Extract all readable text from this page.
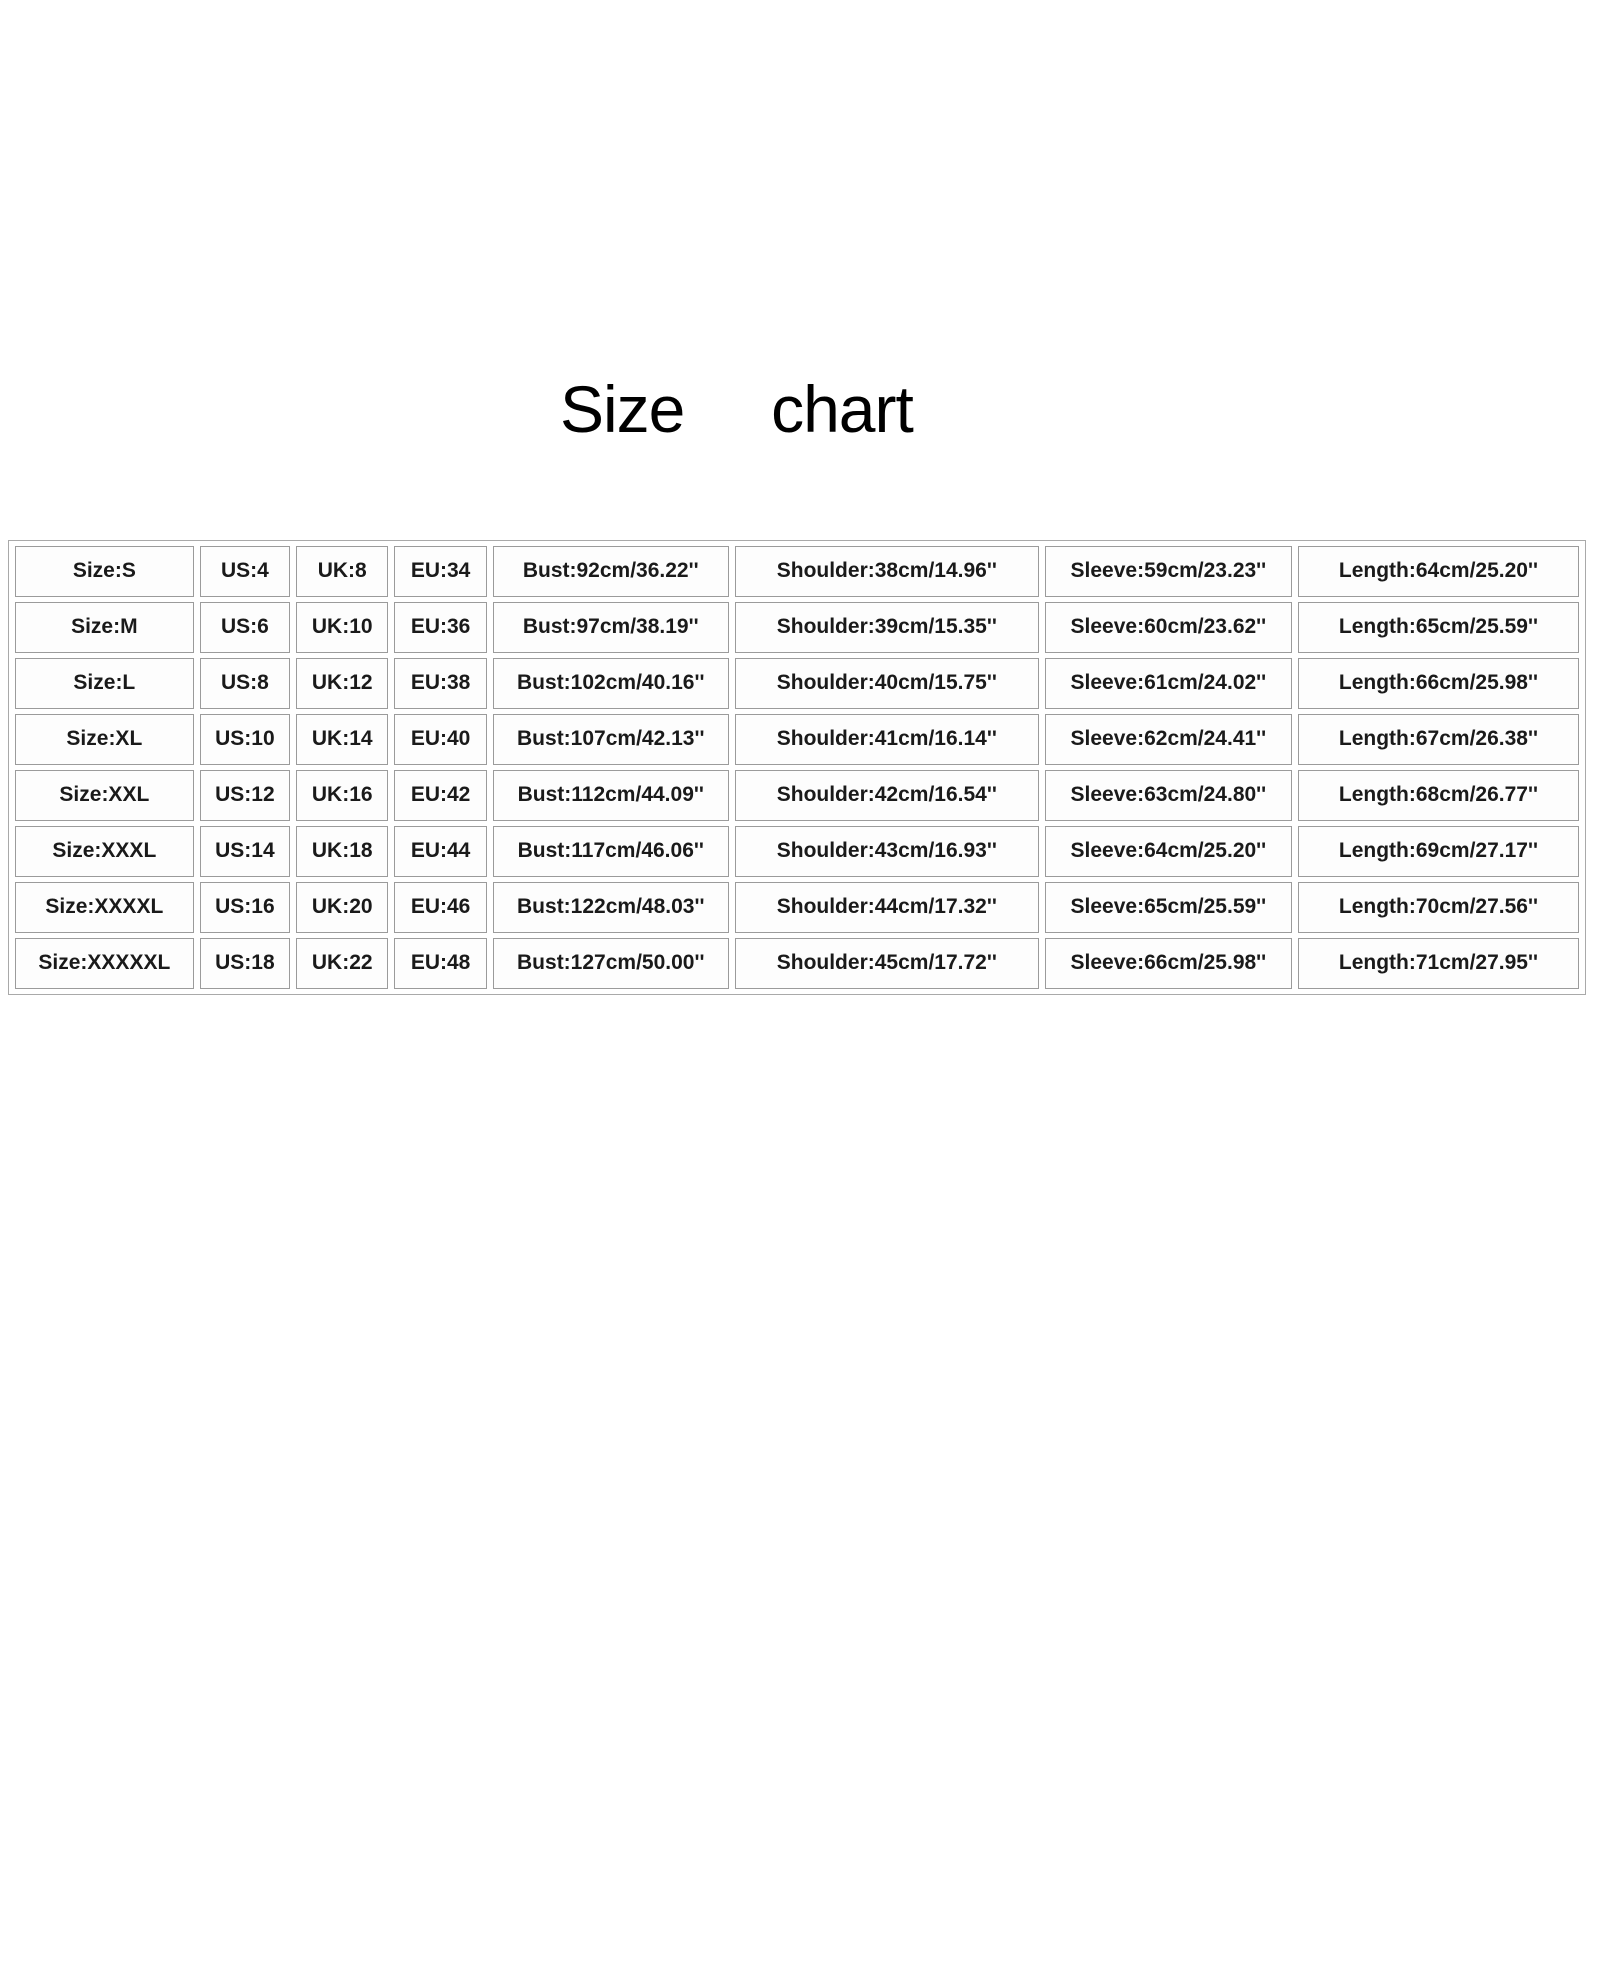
Size  chart
Size:S	US:4	UK:8	EU:34	Bust:92cm/36.22''	Shoulder:38cm/14.96''	Sleeve:59cm/23.23''	Length:64cm/25.20''
Size:M	US:6	UK:10	EU:36	Bust:97cm/38.19''	Shoulder:39cm/15.35''	Sleeve:60cm/23.62''	Length:65cm/25.59''
Size:L	US:8	UK:12	EU:38	Bust:102cm/40.16''	Shoulder:40cm/15.75''	Sleeve:61cm/24.02''	Length:66cm/25.98''
Size:XL	US:10	UK:14	EU:40	Bust:107cm/42.13''	Shoulder:41cm/16.14''	Sleeve:62cm/24.41''	Length:67cm/26.38''
Size:XXL	US:12	UK:16	EU:42	Bust:112cm/44.09''	Shoulder:42cm/16.54''	Sleeve:63cm/24.80''	Length:68cm/26.77''
Size:XXXL	US:14	UK:18	EU:44	Bust:117cm/46.06''	Shoulder:43cm/16.93''	Sleeve:64cm/25.20''	Length:69cm/27.17''
Size:XXXXL	US:16	UK:20	EU:46	Bust:122cm/48.03''	Shoulder:44cm/17.32''	Sleeve:65cm/25.59''	Length:70cm/27.56''
Size:XXXXXL	US:18	UK:22	EU:48	Bust:127cm/50.00''	Shoulder:45cm/17.72''	Sleeve:66cm/25.98''	Length:71cm/27.95''
